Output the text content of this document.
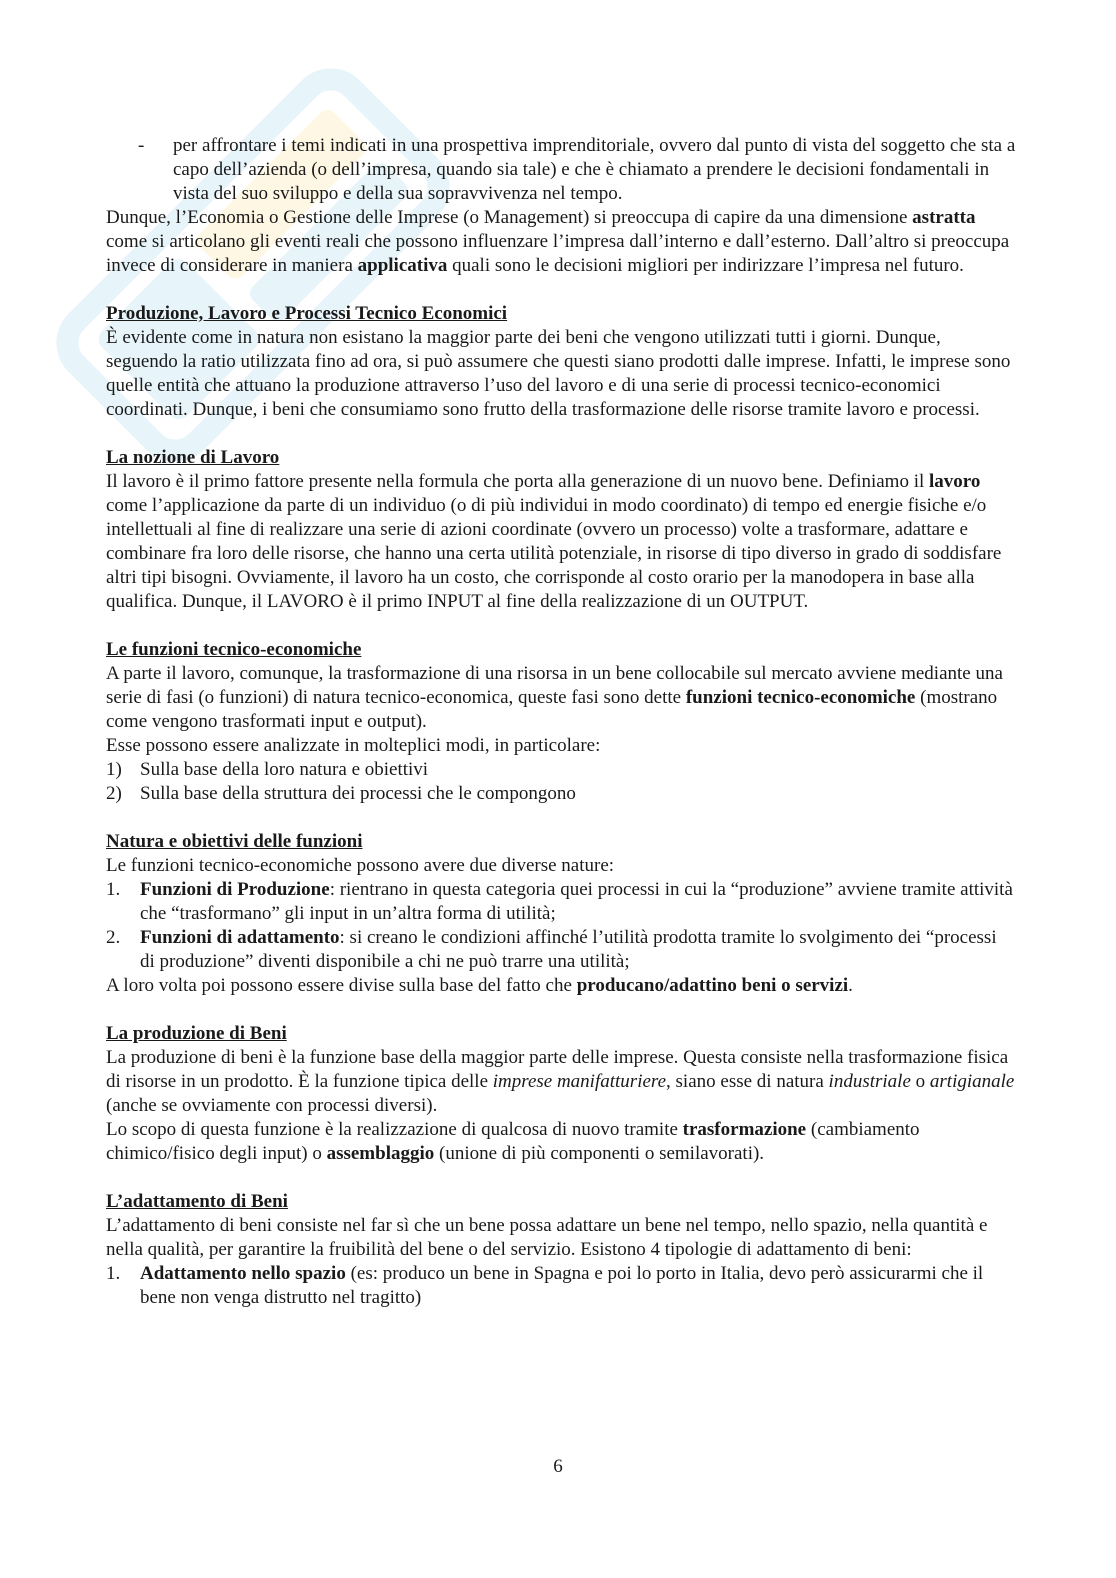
- per affrontare i temi indicati in una prospettiva imprenditoriale, ovvero dal punto di vista del soggetto che sta a capo dell’azienda (o dell’impresa, quando sia tale) e che è chiamato a prendere le decisioni fondamentali in vista del suo sviluppo e della sua sopravvivenza nel tempo.

Dunque, l’Economia o Gestione delle Imprese (o Management) si preoccupa di capire da una dimensione astratta come si articolano gli eventi reali che possono influenzare l’impresa dall’interno e dall’esterno. Dall’altro si preoccupa invece di considerare in maniera applicativa quali sono le decisioni migliori per indirizzare l’impresa nel futuro.

Produzione, Lavoro e Processi Tecnico Economici

È evidente come in natura non esistano la maggior parte dei beni che vengono utilizzati tutti i giorni. Dunque, seguendo la ratio utilizzata fino ad ora, si può assumere che questi siano prodotti dalle imprese. Infatti, le imprese sono quelle entità che attuano la produzione attraverso l’uso del lavoro e di una serie di processi tecnico-economici coordinati. Dunque, i beni che consumiamo sono frutto della trasformazione delle risorse tramite lavoro e processi.

La nozione di Lavoro

Il lavoro è il primo fattore presente nella formula che porta alla generazione di un nuovo bene. Definiamo il lavoro come l’applicazione da parte di un individuo (o di più individui in modo coordinato) di tempo ed energie fisiche e/o intellettuali al fine di realizzare una serie di azioni coordinate (ovvero un processo) volte a trasformare, adattare e combinare fra loro delle risorse, che hanno una certa utilità potenziale, in risorse di tipo diverso in grado di soddisfare altri tipi bisogni. Ovviamente, il lavoro ha un costo, che corrisponde al costo orario per la manodopera in base alla qualifica. Dunque, il LAVORO è il primo INPUT al fine della realizzazione di un OUTPUT.

Le funzioni tecnico-economiche

A parte il lavoro, comunque, la trasformazione di una risorsa in un bene collocabile sul mercato avviene mediante una serie di fasi (o funzioni) di natura tecnico-economica, queste fasi sono dette funzioni tecnico-economiche (mostrano come vengono trasformati input e output).

Esse possono essere analizzate in molteplici modi, in particolare:

1) Sulla base della loro natura e obiettivi
2) Sulla base della struttura dei processi che le compongono

Natura e obiettivi delle funzioni

Le funzioni tecnico-economiche possono avere due diverse nature:

1. Funzioni di Produzione: rientrano in questa categoria quei processi in cui la “produzione” avviene tramite attività che “trasformano” gli input in un’altra forma di utilità;
2. Funzioni di adattamento: si creano le condizioni affinché l’utilità prodotta tramite lo svolgimento dei “processi di produzione” diventi disponibile a chi ne può trarre una utilità;

A loro volta poi possono essere divise sulla base del fatto che producano/adattino beni o servizi.

La produzione di Beni

La produzione di beni è la funzione base della maggior parte delle imprese. Questa consiste nella trasformazione fisica di risorse in un prodotto. È la funzione tipica delle imprese manifatturiere, siano esse di natura industriale o artigianale (anche se ovviamente con processi diversi).

Lo scopo di questa funzione è la realizzazione di qualcosa di nuovo tramite trasformazione (cambiamento chimico/fisico degli input) o assemblaggio (unione di più componenti o semilavorati).

L’adattamento di Beni

L’adattamento di beni consiste nel far sì che un bene possa adattare un bene nel tempo, nello spazio, nella quantità e nella qualità, per garantire la fruibilità del bene o del servizio. Esistono 4 tipologie di adattamento di beni:

1. Adattamento nello spazio (es: produco un bene in Spagna e poi lo porto in Italia, devo però assicurarmi che il bene non venga distrutto nel tragitto)
6
